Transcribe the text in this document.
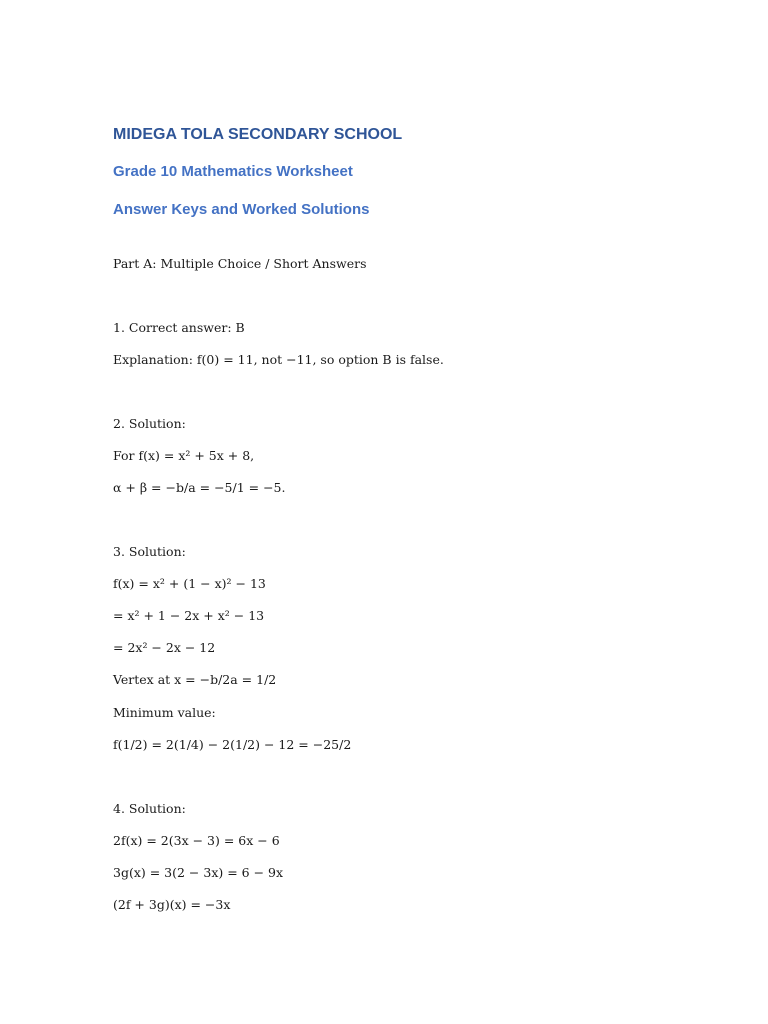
MIDEGA TOLA SECONDARY SCHOOL
Grade 10 Mathematics Worksheet
Answer Keys and Worked Solutions
Part A: Multiple Choice / Short Answers
1. Correct answer: B
Explanation: f(0) = 11, not −11, so option B is false.
2. Solution:
For f(x) = x² + 5x + 8,
α + β = −b/a = −5/1 = −5.
3. Solution:
f(x) = x² + (1 − x)² − 13
= x² + 1 − 2x + x² − 13
= 2x² − 2x − 12
Vertex at x = −b/2a = 1/2
Minimum value:
f(1/2) = 2(1/4) − 2(1/2) − 12 = −25/2
4. Solution:
2f(x) = 2(3x − 3) = 6x − 6
3g(x) = 3(2 − 3x) = 6 − 9x
(2f + 3g)(x) = −3x
